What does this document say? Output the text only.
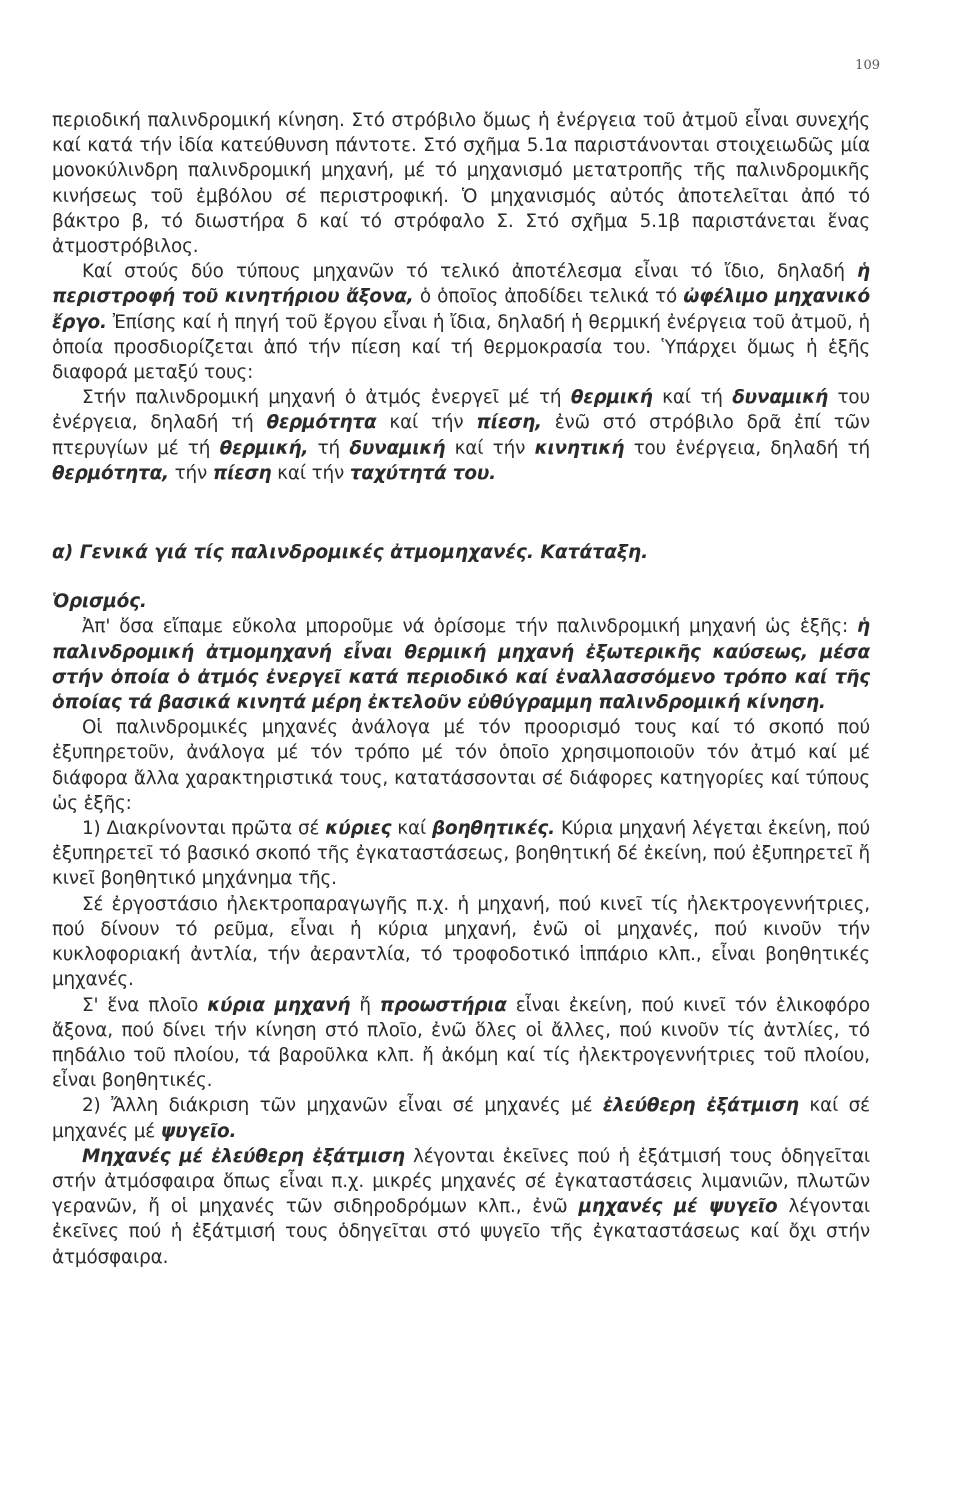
109

περιοδική παλινδρομική κίνηση. Στό στρόβιλο ὅμως ἡ ἐνέργεια τοῦ ἀτμοῦ εἶναι συνεχής καί κατά τήν ἰδία κατεύθυνση πάντοτε. Στό σχῆμα 5.1α παριστάνονται στοιχειωδῶς μία μονοκύλινδρη παλινδρομική μηχανή, μέ τό μηχανισμό μετατροπῆς τῆς παλινδρομικῆς κινήσεως τοῦ ἐμβόλου σέ περιστροφική. Ὁ μηχανισμός αὐτός ἀποτελεῖται ἀπό τό βάκτρο β, τό διωστήρα δ καί τό στρόφαλο Σ. Στό σχῆμα 5.1β παριστάνεται ἕνας ἀτμοστρόβιλος.

Καί στούς δύο τύπους μηχανῶν τό τελικό ἀποτέλεσμα εἶναι τό ἴδιο, δηλαδή ἡ περιστροφή τοῦ κινητήριου ἄξονα, ὁ ὁποῖος ἀποδίδει τελικά τό ὠφέλιμο μηχανικό ἔργο. Ἐπίσης καί ἡ πηγή τοῦ ἔργου εἶναι ἡ ἴδια, δηλαδή ἡ θερμική ἐνέργεια τοῦ ἀτμοῦ, ἡ ὁποία προσδιορίζεται ἀπό τήν πίεση καί τή θερμοκρασία του. Ὑπάρχει ὅμως ἡ ἑξῆς διαφορά μεταξύ τους:

Στήν παλινδρομική μηχανή ὁ ἀτμός ἐνεργεῖ μέ τή θερμική καί τή δυναμική του ἐνέργεια, δηλαδή τή θερμότητα καί τήν πίεση, ἐνῶ στό στρόβιλο δρᾶ ἐπί τῶν πτερυγίων μέ τή θερμική, τή δυναμική καί τήν κινητική του ἐνέργεια, δηλαδή τή θερμότητα, τήν πίεση καί τήν ταχύτητά του.

α) Γενικά γιά τίς παλινδρομικές ἀτμομηχανές. Κατάταξη.

Ὁρισμός.

Ἀπ' ὅσα εἴπαμε εὔκολα μποροῦμε νά ὁρίσομε τήν παλινδρομική μηχανή ὡς ἑξῆς: ἡ παλινδρομική ἀτμομηχανή εἶναι θερμική μηχανή ἐξωτερικῆς καύσεως, μέσα στήν ὁποία ὁ ἀτμός ἐνεργεῖ κατά περιοδικό καί ἐναλλασσόμενο τρόπο καί τῆς ὁποίας τά βασικά κινητά μέρη ἐκτελοῦν εὐθύγραμμη παλινδρομική κίνηση.

Οἱ παλινδρομικές μηχανές ἀνάλογα μέ τόν προορισμό τους καί τό σκοπό πού ἐξυπηρετοῦν, ἀνάλογα μέ τόν τρόπο μέ τόν ὁποῖο χρησιμοποιοῦν τόν ἀτμό καί μέ διάφορα ἄλλα χαρακτηριστικά τους, κατατάσσονται σέ διάφορες κατηγορίες καί τύπους ὡς ἑξῆς:

1) Διακρίνονται πρῶτα σέ κύριες καί βοηθητικές. Κύρια μηχανή λέγεται ἐκείνη, πού ἐξυπηρετεῖ τό βασικό σκοπό τῆς ἐγκαταστάσεως, βοηθητική δέ ἐκείνη, πού ἐξυπηρετεῖ ἤ κινεῖ βοηθητικό μηχάνημα τῆς.

Σέ ἐργοστάσιο ἠλεκτροπαραγωγῆς π.χ. ἡ μηχανή, πού κινεῖ τίς ἠλεκτρογεννήτριες, πού δίνουν τό ρεῦμα, εἶναι ἡ κύρια μηχανή, ἐνῶ οἱ μηχανές, πού κινοῦν τήν κυκλοφοριακή ἀντλία, τήν ἀεραντλία, τό τροφοδοτικό ἱππάριο κλπ., εἶναι βοηθητικές μηχανές.

Σ' ἕνα πλοῖο κύρια μηχανή ἤ προωστήρια εἶναι ἐκείνη, πού κινεῖ τόν ἑλικοφόρο ἄξονα, πού δίνει τήν κίνηση στό πλοῖο, ἐνῶ ὅλες οἱ ἄλλες, πού κινοῦν τίς ἀντλίες, τό πηδάλιο τοῦ πλοίου, τά βαροῦλκα κλπ. ἤ ἀκόμη καί τίς ἠλεκτρογεννήτριες τοῦ πλοίου, εἶναι βοηθητικές.

2) Ἄλλη διάκριση τῶν μηχανῶν εἶναι σέ μηχανές μέ ἐλεύθερη ἐξάτμιση καί σέ μηχανές μέ ψυγεῖο.

Μηχανές μέ ἐλεύθερη ἐξάτμιση λέγονται ἐκεῖνες πού ἡ ἐξάτμισή τους ὁδηγεῖται στήν ἀτμόσφαιρα ὅπως εἶναι π.χ. μικρές μηχανές σέ ἐγκαταστάσεις λιμανιῶν, πλωτῶν γερανῶν, ἤ οἱ μηχανές τῶν σιδηροδρόμων κλπ., ἐνῶ μηχανές μέ ψυγεῖο λέγονται ἐκεῖνες πού ἡ ἐξάτμισή τους ὁδηγεῖται στό ψυγεῖο τῆς ἐγκαταστάσεως καί ὄχι στήν ἀτμόσφαιρα.
